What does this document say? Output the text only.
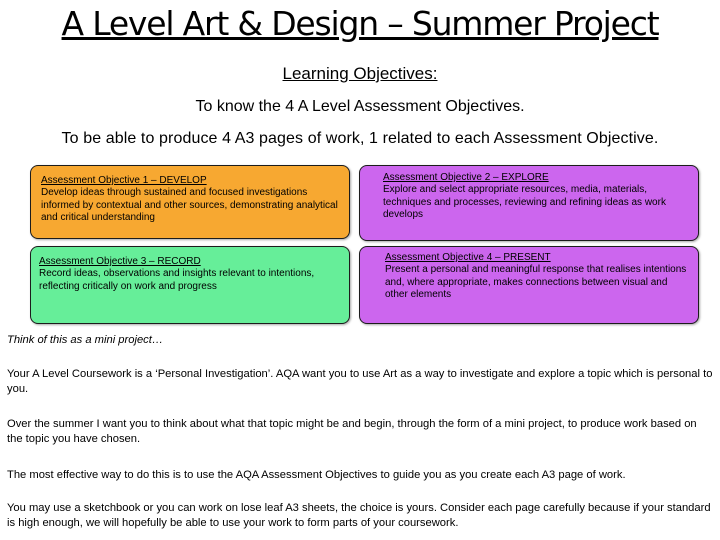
A Level Art & Design – Summer Project
Learning Objectives:
To know the 4 A Level Assessment Objectives.
To be able to produce 4 A3 pages of work, 1 related to each Assessment Objective.
Assessment Objective 1 – DEVELOP
Develop ideas through sustained and focused investigations informed by contextual and other sources, demonstrating analytical and critical understanding
Assessment Objective 2 – EXPLORE
Explore and select appropriate resources, media, materials, techniques and processes, reviewing and refining ideas as work develops
Assessment Objective 3 – RECORD
Record ideas, observations and insights relevant to intentions, reflecting critically on work and progress
Assessment Objective 4 – PRESENT
Present a personal and meaningful response that realises intentions and, where appropriate, makes connections between visual and other elements
Think of this as a mini project…
Your A Level Coursework is a ‘Personal Investigation’. AQA want you to use Art as a way to investigate and explore a topic which is personal to you.
Over the summer I want you to think about what that topic might be and begin, through the form of a mini project, to produce work based on the topic you have chosen.
The most effective way to do this is to use the AQA Assessment Objectives to guide you as you create each A3 page of work.
You may use a sketchbook or you can work on lose leaf A3 sheets, the choice is yours. Consider each page carefully because if your standard is high enough, we will hopefully be able to use your work to form parts of your coursework.
